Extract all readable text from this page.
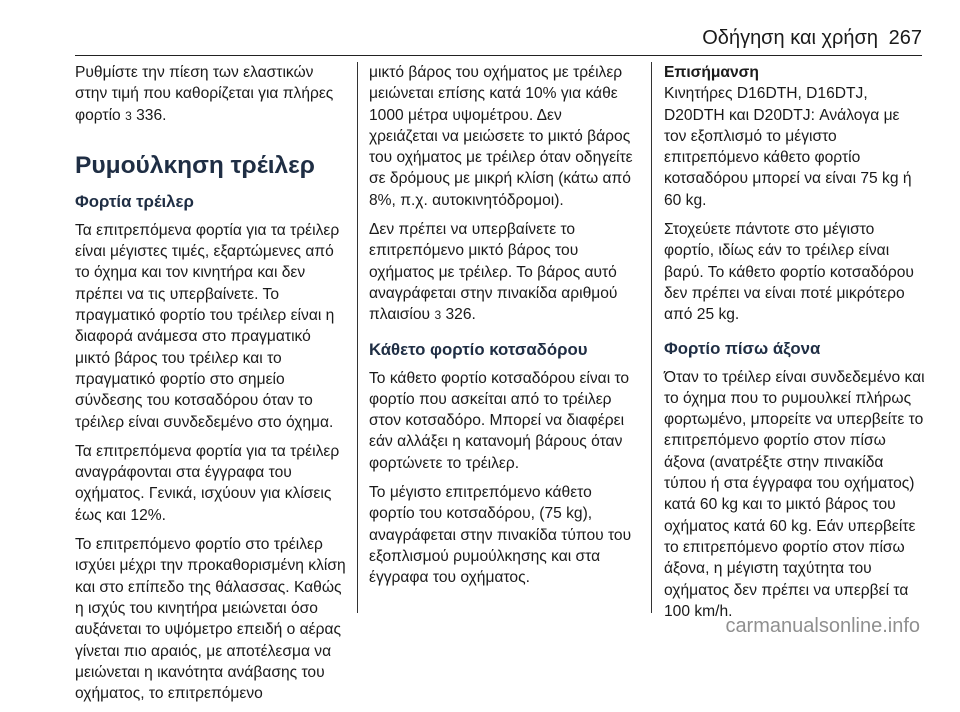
Οδήγηση και χρήση 267

Ρυθμίστε την πίεση των ελαστικών στην τιμή που καθορίζεται για πλήρες φορτίο 3 336.

Ρυμούλκηση τρέιλερ
Φορτία τρέιλερ

Τα επιτρεπόμενα φορτία για τα τρέιλερ είναι μέγιστες τιμές, εξαρτώμενες από το όχημα και τον κινητήρα και δεν πρέπει να τις υπερβαίνετε. Το πραγματικό φορτίο του τρέιλερ είναι η διαφορά ανάμεσα στο πραγματικό μικτό βάρος του τρέιλερ και το πραγματικό φορτίο στο σημείο σύνδεσης του κοτσαδόρου όταν το τρέιλερ είναι συνδεδεμένο στο όχημα.

Τα επιτρεπόμενα φορτία για τα τρέιλερ αναγράφονται στα έγγραφα του οχήματος. Γενικά, ισχύουν για κλίσεις έως και 12%.

Το επιτρεπόμενο φορτίο στο τρέιλερ ισχύει μέχρι την προκαθορισμένη κλίση και στο επίπεδο της θάλασσας. Καθώς η ισχύς του κινητήρα μειώνεται όσο αυξάνεται το υψόμετρο επειδή ο αέρας γίνεται πιο αραιός, με αποτέλεσμα να μειώνεται η ικανότητα ανάβασης του οχήματος, το επιτρεπόμενο

μικτό βάρος του οχήματος με τρέιλερ μειώνεται επίσης κατά 10% για κάθε 1000 μέτρα υψομέτρου. Δεν χρειάζεται να μειώσετε το μικτό βάρος του οχήματος με τρέιλερ όταν οδηγείτε σε δρόμους με μικρή κλίση (κάτω από 8%, π.χ. αυτοκινητόδρομοι).

Δεν πρέπει να υπερβαίνετε το επιτρεπόμενο μικτό βάρος του οχήματος με τρέιλερ. Το βάρος αυτό αναγράφεται στην πινακίδα αριθμού πλαισίου 3 326.

Κάθετο φορτίο κοτσαδόρου

Το κάθετο φορτίο κοτσαδόρου είναι το φορτίο που ασκείται από το τρέιλερ στον κοτσαδόρο. Μπορεί να διαφέρει εάν αλλάξει η κατανομή βάρους όταν φορτώνετε το τρέιλερ.

Το μέγιστο επιτρεπόμενο κάθετο φορτίο του κοτσαδόρου, (75 kg), αναγράφεται στην πινακίδα τύπου του εξοπλισμού ρυμούλκησης και στα έγγραφα του οχήματος.

Επισήμανση
Κινητήρες D16DTH, D16DTJ, D20DTH και D20DTJ: Ανάλογα με τον εξοπλισμό το μέγιστο επιτρεπόμενο κάθετο φορτίο κοτσαδόρου μπορεί να είναι 75 kg ή 60 kg.

Στοχεύετε πάντοτε στο μέγιστο φορτίο, ιδίως εάν το τρέιλερ είναι βαρύ. Το κάθετο φορτίο κοτσαδόρου δεν πρέπει να είναι ποτέ μικρότερο από 25 kg.

Φορτίο πίσω άξονα

Όταν το τρέιλερ είναι συνδεδεμένο και το όχημα που το ρυμουλκεί πλήρως φορτωμένο, μπορείτε να υπερβείτε το επιτρεπόμενο φορτίο στον πίσω άξονα (ανατρέξτε στην πινακίδα τύπου ή στα έγγραφα του οχήματος) κατά 60 kg και το μικτό βάρος του οχήματος κατά 60 kg. Εάν υπερβείτε το επιτρεπόμενο φορτίο στον πίσω άξονα, η μέγιστη ταχύτητα του οχήματος δεν πρέπει να υπερβεί τα 100 km/h.

carmanualsonline.info
